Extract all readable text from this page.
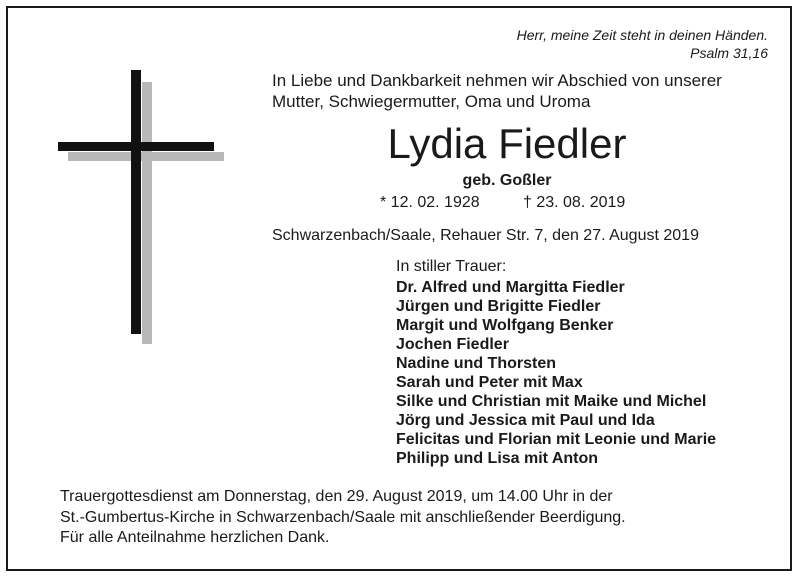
Herr, meine Zeit steht in deinen Händen.
Psalm 31,16
In Liebe und Dankbarkeit nehmen wir Abschied von unserer
Mutter, Schwiegermutter, Oma und Uroma
Lydia Fiedler
geb. Goßler
* 12. 02. 1928	† 23. 08. 2019
Schwarzenbach/Saale, Rehauer Str. 7, den 27. August 2019
In stiller Trauer:
Dr. Alfred und Margitta Fiedler
Jürgen und Brigitte Fiedler
Margit und Wolfgang Benker
Jochen Fiedler
Nadine und Thorsten
Sarah und Peter mit Max
Silke und Christian mit Maike und Michel
Jörg und Jessica mit Paul und Ida
Felicitas und Florian mit Leonie und Marie
Philipp und Lisa mit Anton
Trauergottesdienst am Donnerstag, den 29. August 2019, um 14.00 Uhr in der
St.-Gumbertus-Kirche in Schwarzenbach/Saale mit anschließender Beerdigung.
Für alle Anteilnahme herzlichen Dank.
